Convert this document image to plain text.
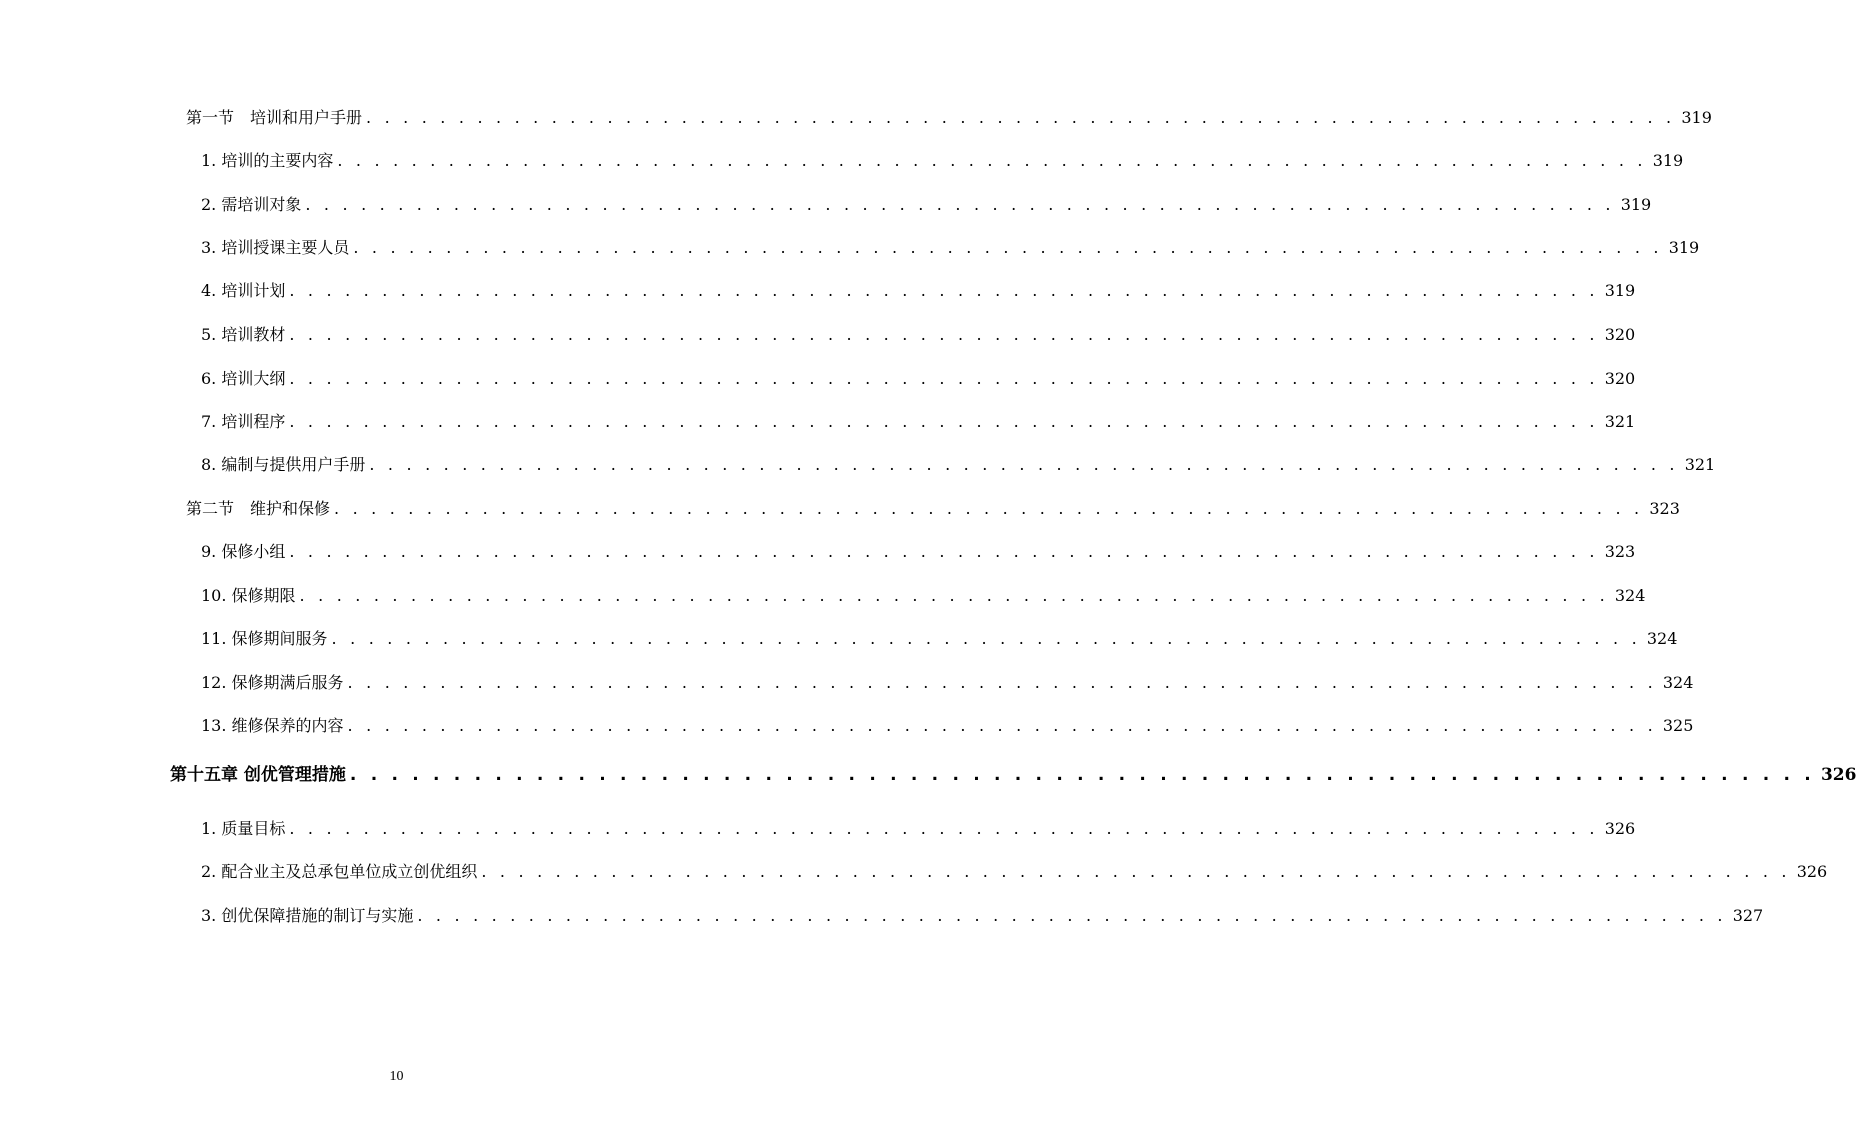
第一节　培训和用户手册 . . . . . . . . . . . . . . . . . . . . . . . . . . . . . . . . . . . . . . . . . . . . . . . . . . . . . . . . . . . . . . . . . . . . . . . 319
1. 培训的主要内容 . . . . . . . . . . . . . . . . . . . . . . . . . . . . . . . . . . . . . . . . . . . . . . . . . . . . . . . . . . . . . . . . . . . . . . . 319
2. 需培训对象 . . . . . . . . . . . . . . . . . . . . . . . . . . . . . . . . . . . . . . . . . . . . . . . . . . . . . . . . . . . . . . . . . . . . . . . 319
3. 培训授课主要人员 . . . . . . . . . . . . . . . . . . . . . . . . . . . . . . . . . . . . . . . . . . . . . . . . . . . . . . . . . . . . . . . . . . . . . . . 319
4. 培训计划 . . . . . . . . . . . . . . . . . . . . . . . . . . . . . . . . . . . . . . . . . . . . . . . . . . . . . . . . . . . . . . . . . . . . . . . 319
5. 培训教材 . . . . . . . . . . . . . . . . . . . . . . . . . . . . . . . . . . . . . . . . . . . . . . . . . . . . . . . . . . . . . . . . . . . . . . . 320
6. 培训大纲 . . . . . . . . . . . . . . . . . . . . . . . . . . . . . . . . . . . . . . . . . . . . . . . . . . . . . . . . . . . . . . . . . . . . . . . 320
7. 培训程序 . . . . . . . . . . . . . . . . . . . . . . . . . . . . . . . . . . . . . . . . . . . . . . . . . . . . . . . . . . . . . . . . . . . . . . . 321
8. 编制与提供用户手册 . . . . . . . . . . . . . . . . . . . . . . . . . . . . . . . . . . . . . . . . . . . . . . . . . . . . . . . . . . . . . . . . . . . . . . . 321
第二节　维护和保修 . . . . . . . . . . . . . . . . . . . . . . . . . . . . . . . . . . . . . . . . . . . . . . . . . . . . . . . . . . . . . . . . . . . . . . . 323
9. 保修小组 . . . . . . . . . . . . . . . . . . . . . . . . . . . . . . . . . . . . . . . . . . . . . . . . . . . . . . . . . . . . . . . . . . . . . . . 323
10. 保修期限 . . . . . . . . . . . . . . . . . . . . . . . . . . . . . . . . . . . . . . . . . . . . . . . . . . . . . . . . . . . . . . . . . . . . . . . 324
11. 保修期间服务 . . . . . . . . . . . . . . . . . . . . . . . . . . . . . . . . . . . . . . . . . . . . . . . . . . . . . . . . . . . . . . . . . . . . . . . 324
12. 保修期满后服务 . . . . . . . . . . . . . . . . . . . . . . . . . . . . . . . . . . . . . . . . . . . . . . . . . . . . . . . . . . . . . . . . . . . . . . . 324
13. 维修保养的内容 . . . . . . . . . . . . . . . . . . . . . . . . . . . . . . . . . . . . . . . . . . . . . . . . . . . . . . . . . . . . . . . . . . . . . . . 325
第十五章 创优管理措施 . . . . . . . . . . . . . . . . . . . . . . . . . . . . . . . . . . . . . . . . . . . . . . . . . . . . . . . . . . . . . . . . . . . . . . . 326
1. 质量目标 . . . . . . . . . . . . . . . . . . . . . . . . . . . . . . . . . . . . . . . . . . . . . . . . . . . . . . . . . . . . . . . . . . . . . . . 326
2. 配合业主及总承包单位成立创优组织 . . . . . . . . . . . . . . . . . . . . . . . . . . . . . . . . . . . . . . . . . . . . . . . . . . . . . . . . . . . . . . . . . . . . . . . 326
3. 创优保障措施的制订与实施 . . . . . . . . . . . . . . . . . . . . . . . . . . . . . . . . . . . . . . . . . . . . . . . . . . . . . . . . . . . . . . . . . . . . . . . 327
10
